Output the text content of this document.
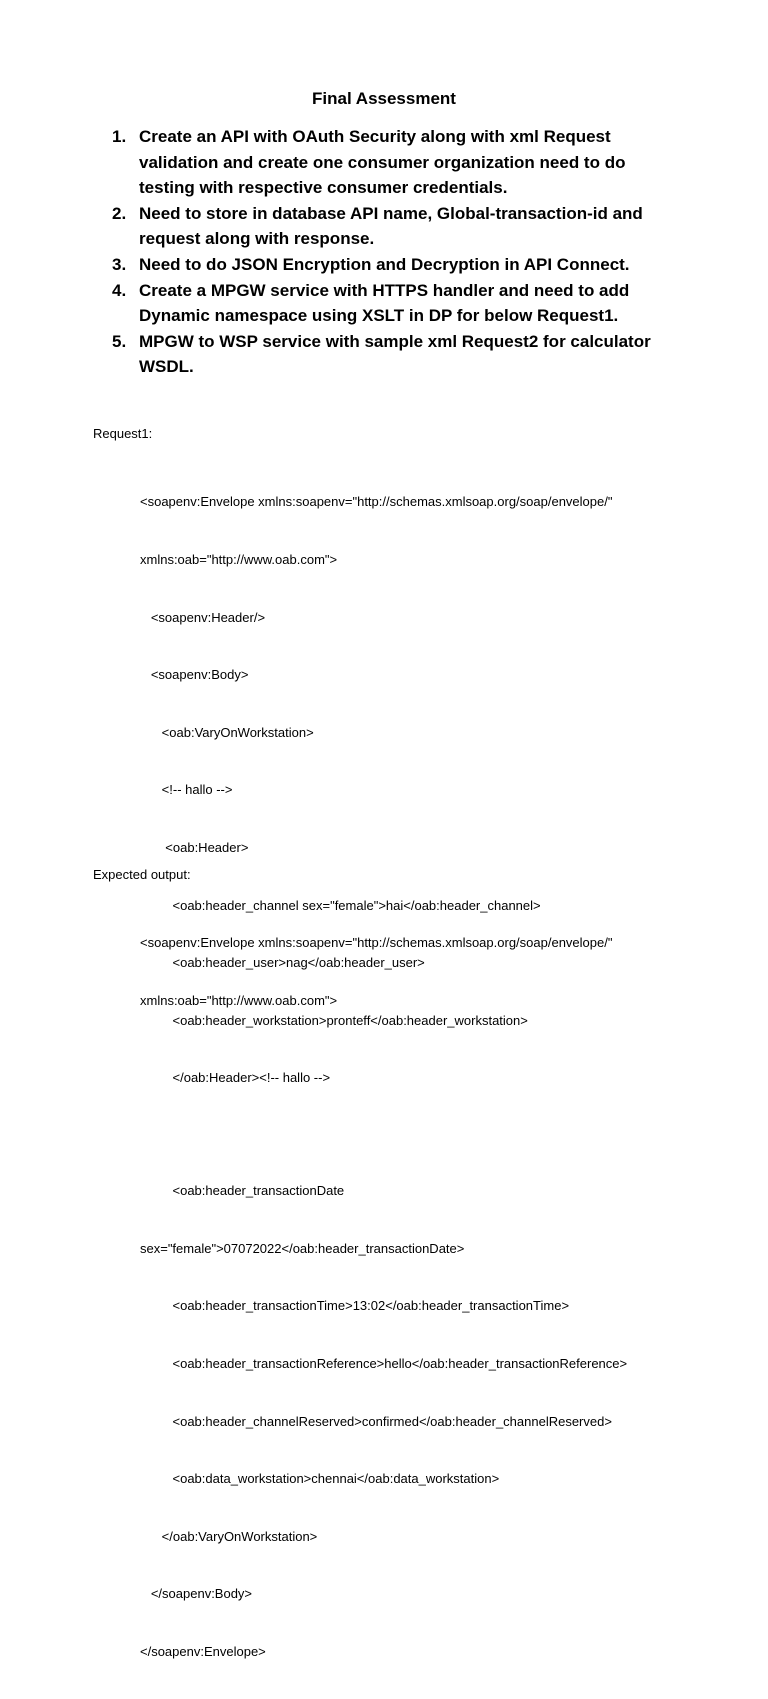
Final Assessment
1. Create an API with OAuth Security along with xml Request validation and create one consumer organization need to do testing with respective consumer credentials.
2. Need to store in database API name, Global-transaction-id and request along with response.
3. Need to do JSON Encryption and Decryption in API Connect.
4. Create a MPGW service with HTTPS handler and need to add Dynamic namespace using XSLT in DP for below Request1.
5. MPGW to WSP service with sample xml Request2 for calculator WSDL.
Request1:

<soapenv:Envelope xmlns:soapenv="http://schemas.xmlsoap.org/soap/envelope/"

xmlns:oab="http://www.oab.com">

<soapenv:Header/>

<soapenv:Body>

<oab:VaryOnWorkstation>

<!-- hallo -->

<oab:Header>

<oab:header_channel sex="female">hai</oab:header_channel>

<oab:header_user>nag</oab:header_user>

<oab:header_workstation>pronteff</oab:header_workstation>

</oab:Header><!-- hallo -->

<oab:header_transactionDate

sex="female">07072022</oab:header_transactionDate>

<oab:header_transactionTime>13:02</oab:header_transactionTime>

<oab:header_transactionReference>hello</oab:header_transactionReference>

<oab:header_channelReserved>confirmed</oab:header_channelReserved>

<oab:data_workstation>chennai</oab:data_workstation>

</oab:VaryOnWorkstation>

</soapenv:Body>

</soapenv:Envelope>

Expected output:

<soapenv:Envelope xmlns:soapenv="http://schemas.xmlsoap.org/soap/envelope/"

xmlns:oab="http://www.oab.com">
